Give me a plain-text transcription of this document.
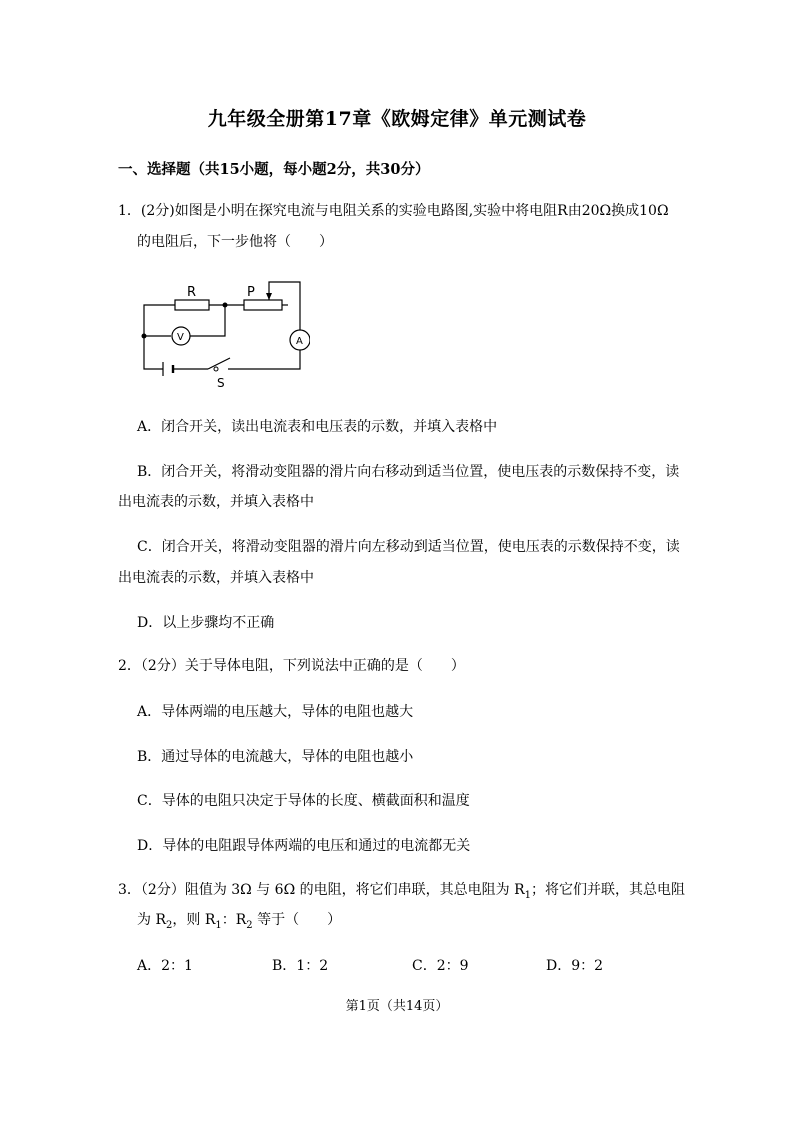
九年级全册第17章《欧姆定律》单元测试卷
一、选择题（共15小题，每小题2分，共30分）
1．(2分)如图是小明在探究电流与电阻关系的实验电路图,实验中将电阻R由20Ω换成10Ω
的电阻后，下一步他将（　　）
R	P
V	A
S
A．闭合开关，读出电流表和电压表的示数，并填入表格中
B．闭合开关，将滑动变阻器的滑片向右移动到适当位置，使电压表的示数保持不变，读
出电流表的示数，并填入表格中
C．闭合开关，将滑动变阻器的滑片向左移动到适当位置，使电压表的示数保持不变，读
出电流表的示数，并填入表格中
D．以上步骤均不正确
2．（2分）关于导体电阻，下列说法中正确的是（　　）
A．导体两端的电压越大，导体的电阻也越大
B．通过导体的电流越大，导体的电阻也越小
C．导体的电阻只决定于导体的长度、横截面积和温度
D．导体的电阻跟导体两端的电压和通过的电流都无关
3．（2分）阻值为 3Ω 与 6Ω 的电阻，将它们串联，其总电阻为 $R_1$；将它们并联，其总电阻
为 $R_2$，则 $R_1$：$R_2$ 等于（　　）
A．2：1	B．1：2	C．2：9	D．9：2
第1页（共14页）
